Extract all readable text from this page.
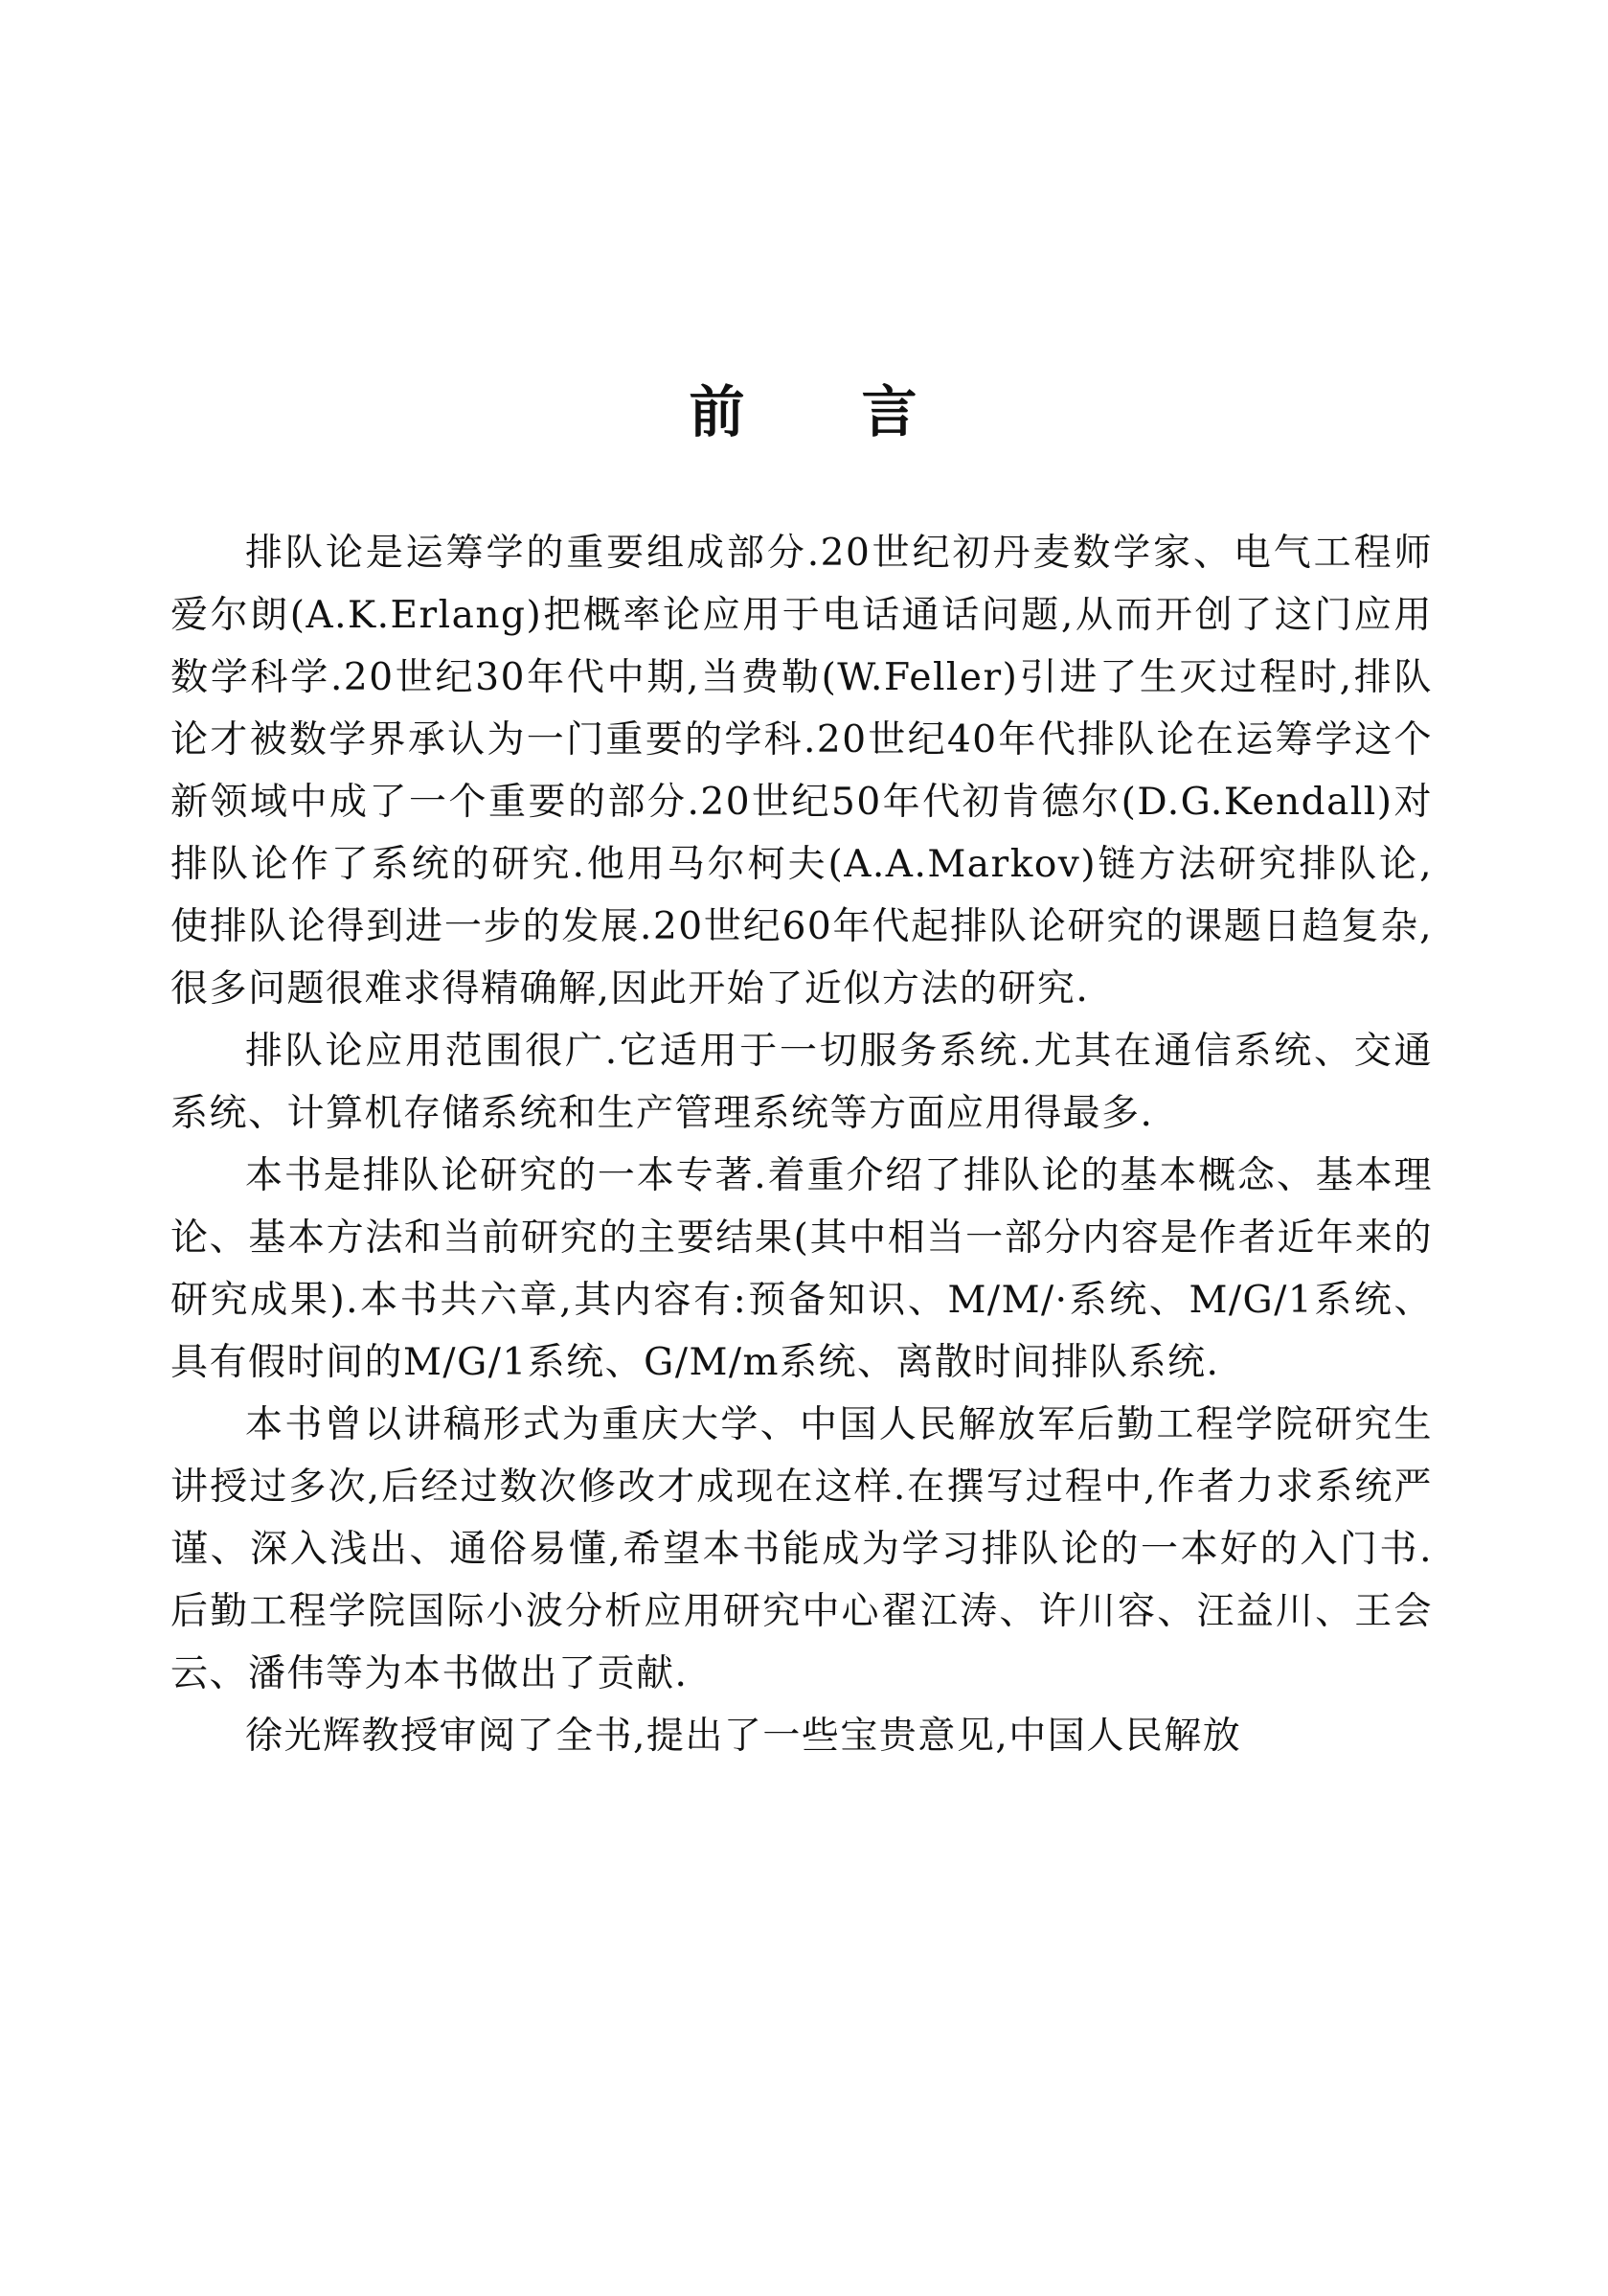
前 言

排队论是运筹学的重要组成部分.20世纪初丹麦数学家、电气工程师爱尔朗(A.K.Erlang)把概率论应用于电话通话问题,从而开创了这门应用数学科学.20世纪30年代中期,当费勒(W.Feller)引进了生灭过程时,排队论才被数学界承认为一门重要的学科.20世纪40年代排队论在运筹学这个新领域中成了一个重要的部分.20世纪50年代初肯德尔(D.G.Kendall)对排队论作了系统的研究.他用马尔柯夫(A.A.Markov)链方法研究排队论,使排队论得到进一步的发展.20世纪60年代起排队论研究的课题日趋复杂,很多问题很难求得精确解,因此开始了近似方法的研究.

排队论应用范围很广.它适用于一切服务系统.尤其在通信系统、交通系统、计算机存储系统和生产管理系统等方面应用得最多.

本书是排队论研究的一本专著.着重介绍了排队论的基本概念、基本理论、基本方法和当前研究的主要结果(其中相当一部分内容是作者近年来的研究成果).本书共六章,其内容有:预备知识、M/M/·系统、M/G/1系统、具有假时间的M/G/1系统、G/M/m系统、离散时间排队系统.

本书曾以讲稿形式为重庆大学、中国人民解放军后勤工程学院研究生讲授过多次,后经过数次修改才成现在这样.在撰写过程中,作者力求系统严谨、深入浅出、通俗易懂,希望本书能成为学习排队论的一本好的入门书.后勤工程学院国际小波分析应用研究中心翟江涛、许川容、汪益川、王会云、潘伟等为本书做出了贡献.

徐光辉教授审阅了全书,提出了一些宝贵意见,中国人民解放
